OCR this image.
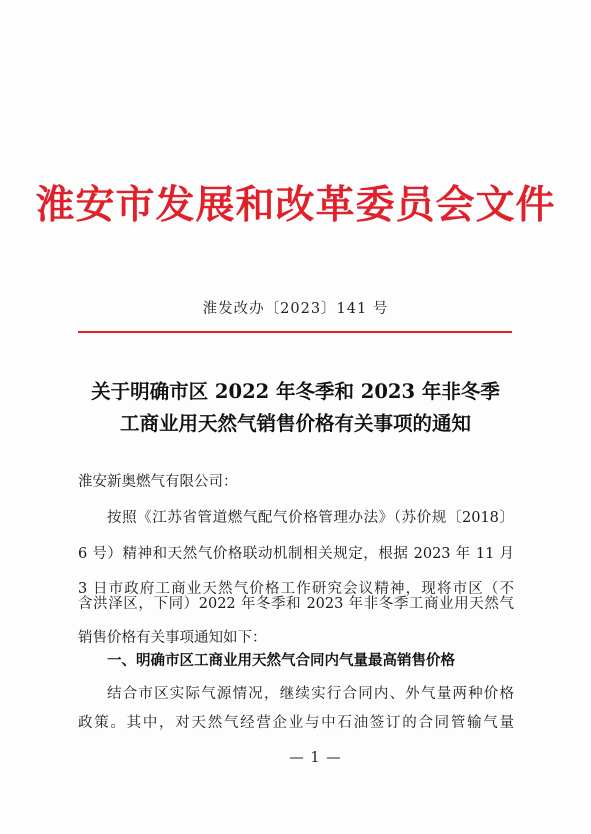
淮安市发展和改革委员会文件
淮发改办〔2023〕141 号
关于明确市区 2022 年冬季和 2023 年非冬季
工商业用天然气销售价格有关事项的通知
淮安新奥燃气有限公司：
按照《江苏省管道燃气配气价格管理办法》（苏价规〔2018〕
6 号）精神和天然气价格联动机制相关规定，根据 2023 年 11 月
3 日市政府工商业天然气价格工作研究会议精神，现将市区（不
含洪泽区，下同）2022 年冬季和 2023 年非冬季工商业用天然气
销售价格有关事项通知如下：
一、明确市区工商业用天然气合同内气量最高销售价格
结合市区实际气源情况，继续实行合同内、外气量两种价格
政策。其中，对天然气经营企业与中石油签订的合同管输气量
— 1 —
